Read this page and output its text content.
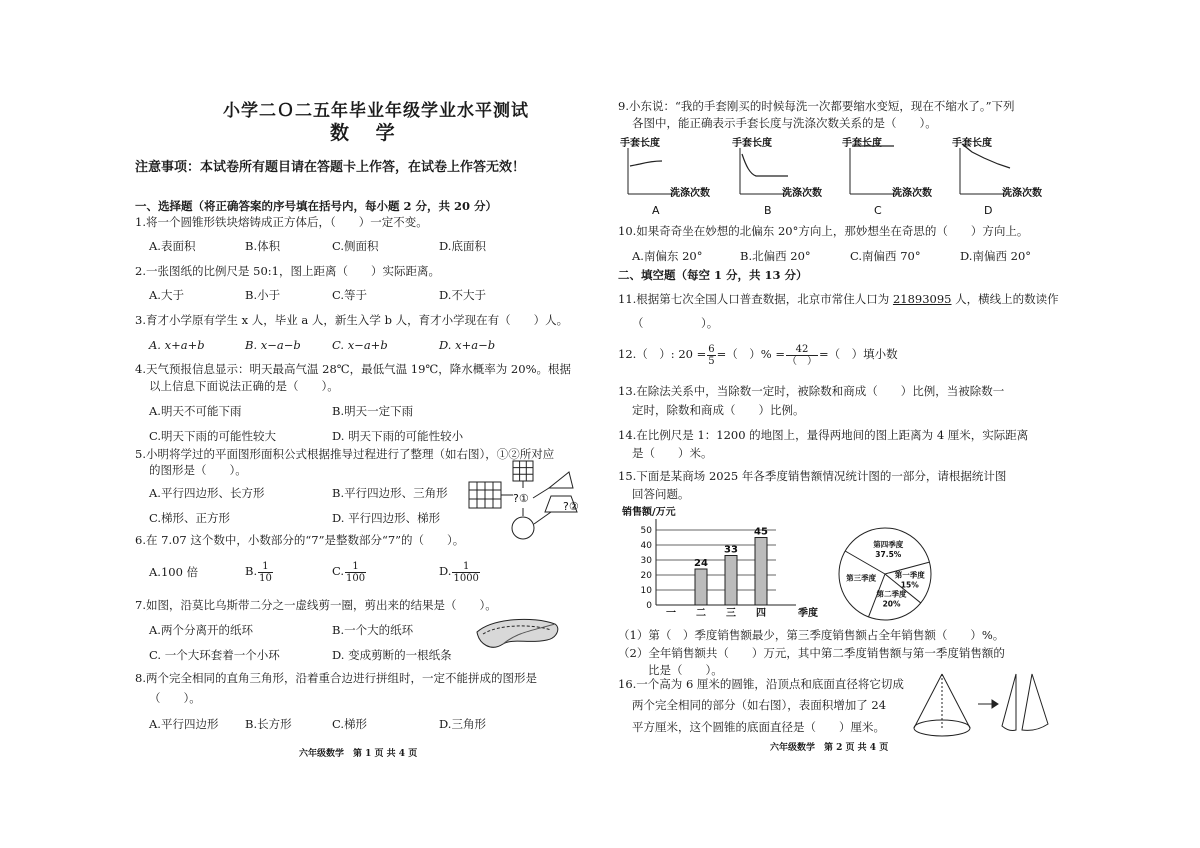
小学二Ｏ二五年毕业年级学业水平测试
数 学
注意事项：本试卷所有题目请在答题卡上作答，在试卷上作答无效！
一、选择题（将正确答案的序号填在括号内，每小题 2 分，共 20 分）
1.将一个圆锥形铁块熔铸成正方体后，（　　）一定不变。
A.表面积	B.体积	C.侧面积	D.底面积
2.一张图纸的比例尺是 50:1，图上距离（　　）实际距离。
A.大于	B.小于	C.等于	D.不大于
3.育才小学原有学生 x 人，毕业 a 人，新生入学 b 人，育才小学现在有（　　）人。
A. x+a+b	B. x−a−b	C. x−a+b	D. x+a−b
4.天气预报信息显示：明天最高气温 28℃，最低气温 19℃，降水概率为 20%。根据
以上信息下面说法正确的是（　　）。
A.明天不可能下雨	B.明天一定下雨
C.明天下雨的可能性较大	D. 明天下雨的可能性较小
5.小明将学过的平面图形面积公式根据推导过程进行了整理（如右图），①②所对应
的图形是（　　）。
A.平行四边形、长方形	B.平行四边形、三角形
C.梯形、正方形	D. 平行四边形、梯形
?①
?②
6.在 7.07 这个数中，小数部分的“7”是整数部分“7”的（　　）。
A.100 倍	B. $\frac{1}{10}$	C. $\frac{1}{100}$	D. $\frac{1}{1000}$
7.如图，沿莫比乌斯带二分之一虚线剪一圈，剪出来的结果是（　　）。
A.两个分离开的纸环	B.一个大的纸环
C. 一个大环套着一个小环	D. 变成剪断的一根纸条
8.两个完全相同的直角三角形，沿着重合边进行拼组时，一定不能拼成的图形是
（　　）。
A.平行四边形 B.长方形	C.梯形	D.三角形
六年级数学　第 1 页 共 4 页
9.小东说：“我的手套刚买的时候每洗一次都要缩水变短，现在不缩水了。”下列
各图中，能正确表示手套长度与洗涤次数关系的是（　　）。
手套长度
洗涤次数
A
手套长度
洗涤次数
B
手套长度
洗涤次数
C
手套长度
洗涤次数
D
10.如果奇奇坐在妙想的北偏东 20°方向上，那妙想坐在奇思的（　　）方向上。
A.南偏东 20°	B.北偏西 20°	C.南偏西 70°	D.南偏西 20°
二、填空题（每空 1 分，共 13 分）
11.根据第七次全国人口普查数据，北京市常住人口为 21893095 人，横线上的数读作
（　　　　　）。
12.（　）: $20 = \frac{6}{5}$ =（　）% = $\frac{42}{( )}$ =（　）填小数
13.在除法关系中，当除数一定时，被除数和商成（　　）比例，当被除数一
定时，除数和商成（　　）比例。
14.在比例尺是 1：1200 的地图上，量得两地间的图上距离为 4 厘米，实际距离
是（　　）米。
15.下面是某商场 2025 年各季度销售额情况统计图的一部分，请根据统计图
回答问题。
销售额/万元
0
10
20
30
40
50
一
24
二
33
三
45
四	季度
第一季度
15%
第二季度
20%
第三季度
第四季度
37.5%
（1）第（　）季度销售额最少，第三季度销售额占全年销售额（　　）%。
（2）全年销售额共（　　）万元，其中第二季度销售额与第一季度销售额的
比是（　　）。
16.一个高为 6 厘米的圆锥，沿顶点和底面直径将它切成
两个完全相同的部分（如右图），表面积增加了 24
平方厘米，这个圆锥的底面直径是（　　）厘米。
六年级数学　第 2 页 共 4 页
